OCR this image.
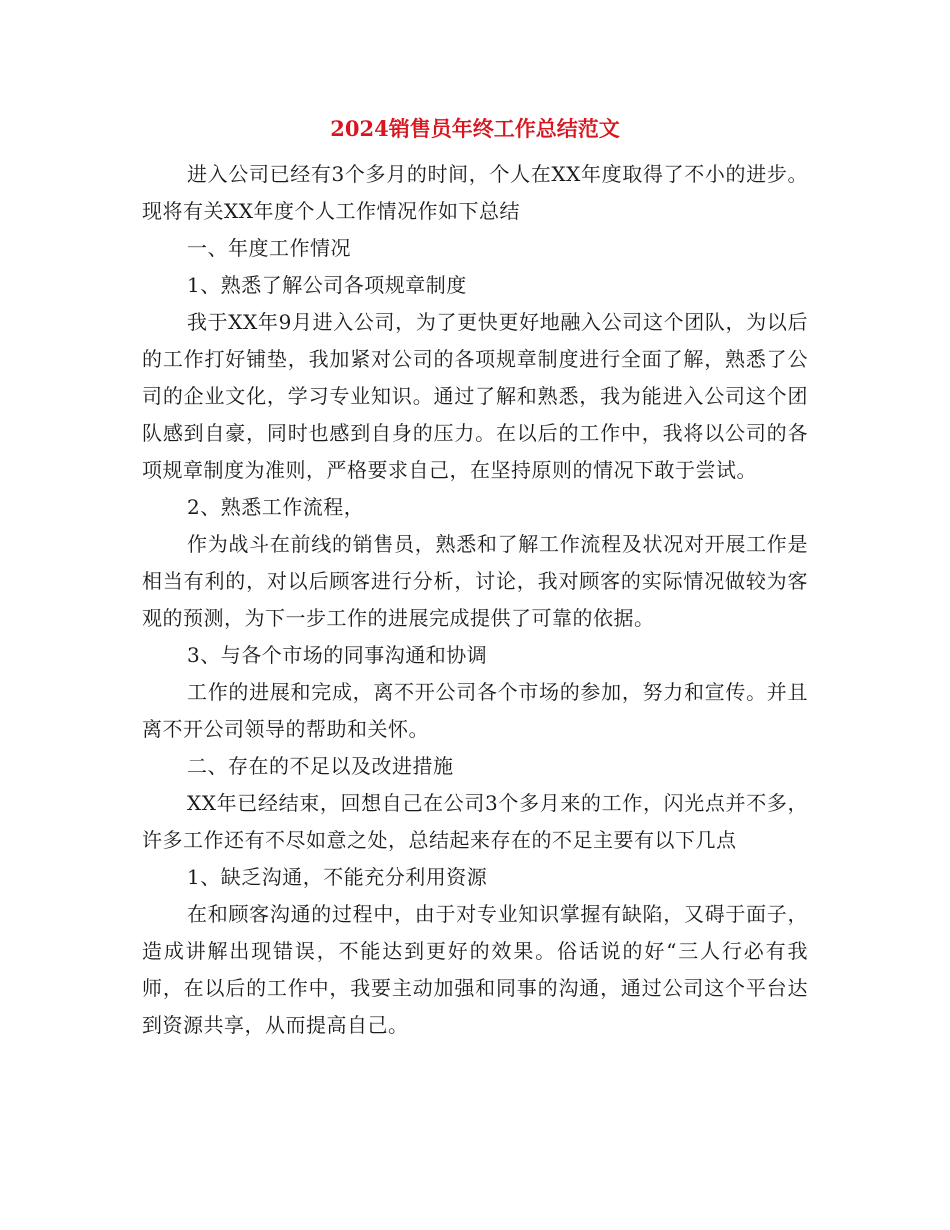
2024销售员年终工作总结范文

进入公司已经有3个多月的时间，个人在XX年度取得了不小的进步。现将有关XX年度个人工作情况作如下总结

一、年度工作情况

1、熟悉了解公司各项规章制度

我于XX年9月进入公司，为了更快更好地融入公司这个团队，为以后的工作打好铺垫，我加紧对公司的各项规章制度进行全面了解，熟悉了公司的企业文化，学习专业知识。通过了解和熟悉，我为能进入公司这个团队感到自豪，同时也感到自身的压力。在以后的工作中，我将以公司的各项规章制度为准则，严格要求自己，在坚持原则的情况下敢于尝试。

2、熟悉工作流程，

作为战斗在前线的销售员，熟悉和了解工作流程及状况对开展工作是相当有利的，对以后顾客进行分析，讨论，我对顾客的实际情况做较为客观的预测，为下一步工作的进展完成提供了可靠的依据。

3、与各个市场的同事沟通和协调

工作的进展和完成，离不开公司各个市场的参加，努力和宣传。并且离不开公司领导的帮助和关怀。

二、存在的不足以及改进措施

XX年已经结束，回想自己在公司3个多月来的工作，闪光点并不多，许多工作还有不尽如意之处，总结起来存在的不足主要有以下几点

1、缺乏沟通，不能充分利用资源

在和顾客沟通的过程中，由于对专业知识掌握有缺陷，又碍于面子，造成讲解出现错误，不能达到更好的效果。俗话说的好“三人行必有我师，在以后的工作中，我要主动加强和同事的沟通，通过公司这个平台达到资源共享，从而提高自己。
